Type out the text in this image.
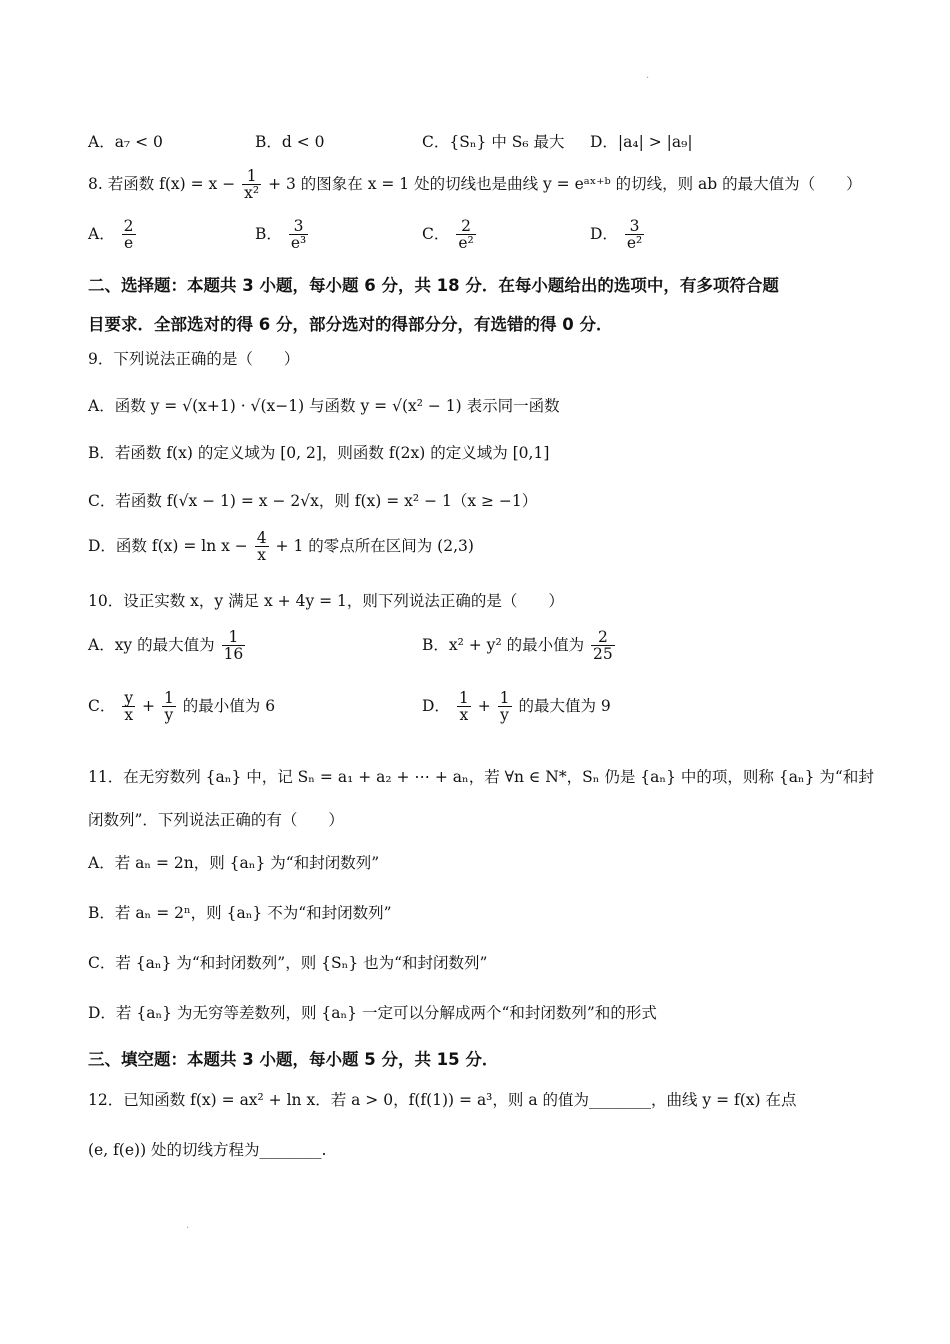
.
A．a₇ < 0	B．d < 0	C．{Sₙ} 中 S₆ 最大 D．|a₄| > |a₉|
8. 若函数 $f(x) = x - \frac{1}{\text{x²}} + 3$ 的图象在 x = 1 处的切线也是曲线 y = eᵃˣ⁺ᵇ 的切线，则 ab 的最大值为（　　）
A． $\frac{2}{e}$	B． $\frac{3}{\text{e³}}$	C． $\frac{2}{\text{e²}}$	D． $\frac{3}{\text{e²}}$
二、选择题：本题共 3 小题，每小题 6 分，共 18 分．在每小题给出的选项中，有多项符合题
目要求．全部选对的得 6 分，部分选对的得部分分，有选错的得 0 分．
9．下列说法正确的是（　　）
A．函数 y = √(x+1) · √(x−1) 与函数 y = √(x² − 1) 表示同一函数
B．若函数 f(x) 的定义域为 [0, 2]，则函数 f(2x) 的定义域为 [0,1]
C．若函数 f(√x − 1) = x − 2√x，则 f(x) = x² − 1（x ≥ −1）
D．函数 $f(x) = \ln x - \frac{4}{x} + 1$ 的零点所在区间为 (2,3)
10．设正实数 x，y 满足 x + 4y = 1，则下列说法正确的是（　　）
A．xy 的最大值为 $\frac{1}{16}$	B．x² + y² 的最小值为 $\frac{2}{25}$
C． $\frac{y}{x} + \frac{1}{y}$ 的最小值为 6	D． $\frac{1}{x} + \frac{1}{y}$ 的最大值为 9
11．在无穷数列 {aₙ} 中，记 Sₙ = a₁ + a₂ + ⋯ + aₙ，若 ∀n ∈ N*，Sₙ 仍是 {aₙ} 中的项，则称 {aₙ} 为“和封
闭数列”．下列说法正确的有（　　）
A．若 aₙ = 2n，则 {aₙ} 为“和封闭数列”
B．若 aₙ = 2ⁿ，则 {aₙ} 不为“和封闭数列”
C．若 {aₙ} 为“和封闭数列”，则 {Sₙ} 也为“和封闭数列”
D．若 {aₙ} 为无穷等差数列，则 {aₙ} 一定可以分解成两个“和封闭数列”和的形式
三、填空题：本题共 3 小题，每小题 5 分，共 15 分．
12．已知函数 f(x) = ax² + ln x．若 a > 0，f(f(1)) = a³，则 a 的值为________，曲线 y = f(x) 在点
(e, f(e)) 处的切线方程为________.
.
